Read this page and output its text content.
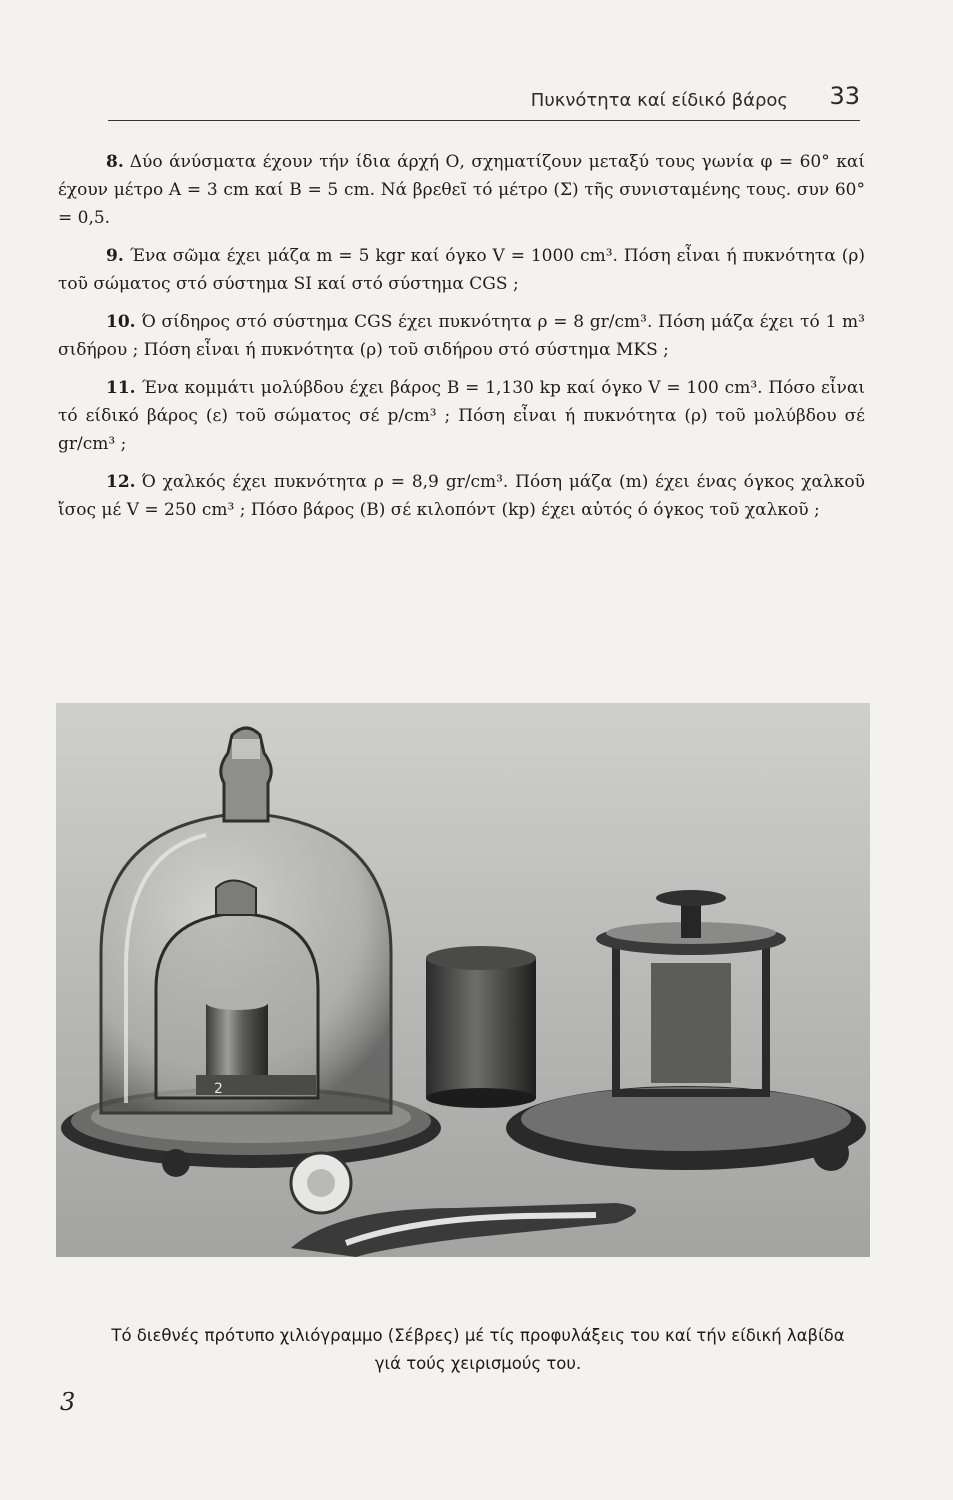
Πυκνότητα καί είδικό βάρος 33

8. Δύο άνύσματα έχουν τήν ίδια άρχή Ο, σχηματίζουν μεταξύ τους γωνία φ = 60° καί έχουν μέτρο Α = 3 cm καί Β = 5 cm. Νά βρεθεῖ τό μέτρο (Σ) τῆς συνισταμένης τους. συν 60° = 0,5.

9. Ένα σῶμα έχει μάζα m = 5 kgr καί όγκο V = 1000 cm³. Πόση εἶναι ή πυκνότητα (ρ) τοῦ σώματος στό σύστημα SI καί στό σύστημα CGS ;

10. Ό σίδηρος στό σύστημα CGS έχει πυκνότητα ρ = 8 gr/cm³. Πόση μάζα έχει τό 1 m³ σιδήρου ; Πόση εἶναι ή πυκνότητα (ρ) τοῦ σιδήρου στό σύστημα MKS ;

11. Ένα κομμάτι μολύβδου έχει βάρος Β = 1,130 kp καί όγκο V = 100 cm³. Πόσο εἶναι τό είδικό βάρος (ε) τοῦ σώματος σέ p/cm³ ; Πόση εἶναι ή πυκνότητα (ρ) τοῦ μολύβδου σέ gr/cm³ ;

12. Ό χαλκός έχει πυκνότητα ρ = 8,9 gr/cm³. Πόση μάζα (m) έχει ένας όγκος χαλκοῦ ἴσος μέ V = 250 cm³ ; Πόσο βάρος (Β) σέ κιλοπόντ (kp) έχει αὐτός ό όγκος τοῦ χαλκοῦ ;

2
Τό διεθνές πρότυπο χιλιόγραμμο (Σέβρες) μέ τίς προφυλάξεις του καί τήν είδική λαβίδα
γιά τούς χειρισμούς του.
3
